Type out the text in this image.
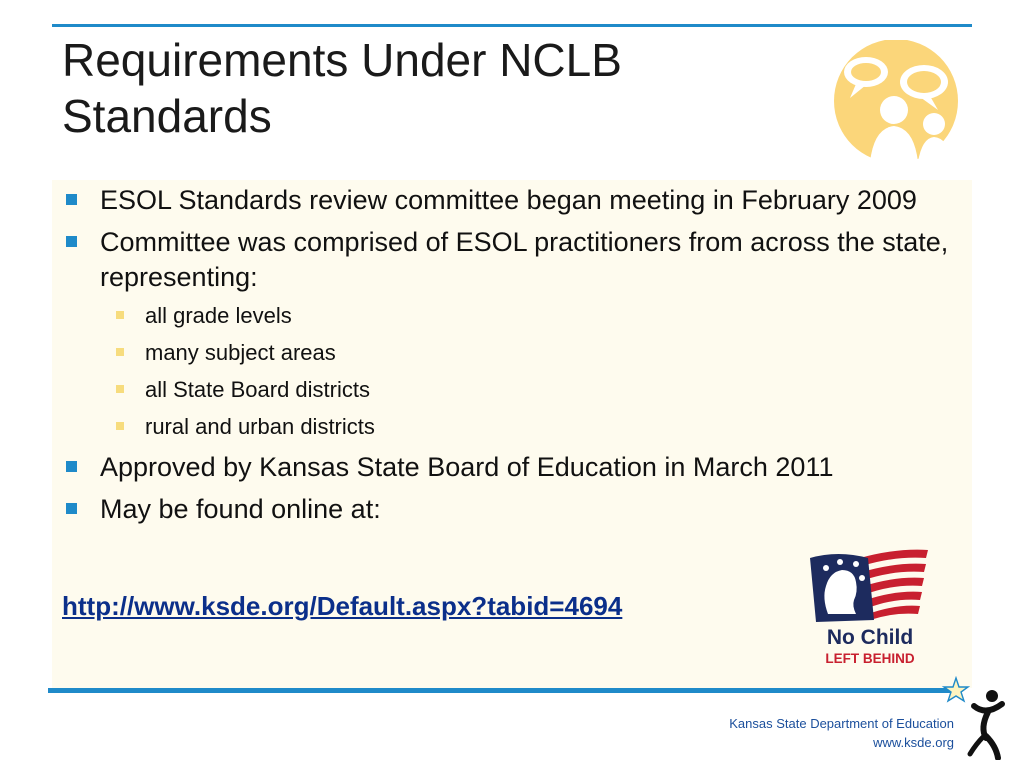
Requirements Under NCLB
Standards
ESOL Standards review committee began meeting in February 2009
Committee was comprised of ESOL practitioners from across the state, representing:
all grade levels
many subject areas
all State Board districts
rural and urban districts
Approved by Kansas State Board of Education in March 2011
May be found online at:
http://www.ksde.org/Default.aspx?tabid=4694
No Child
LEFT BEHIND
Kansas State Department of Education
www.ksde.org
